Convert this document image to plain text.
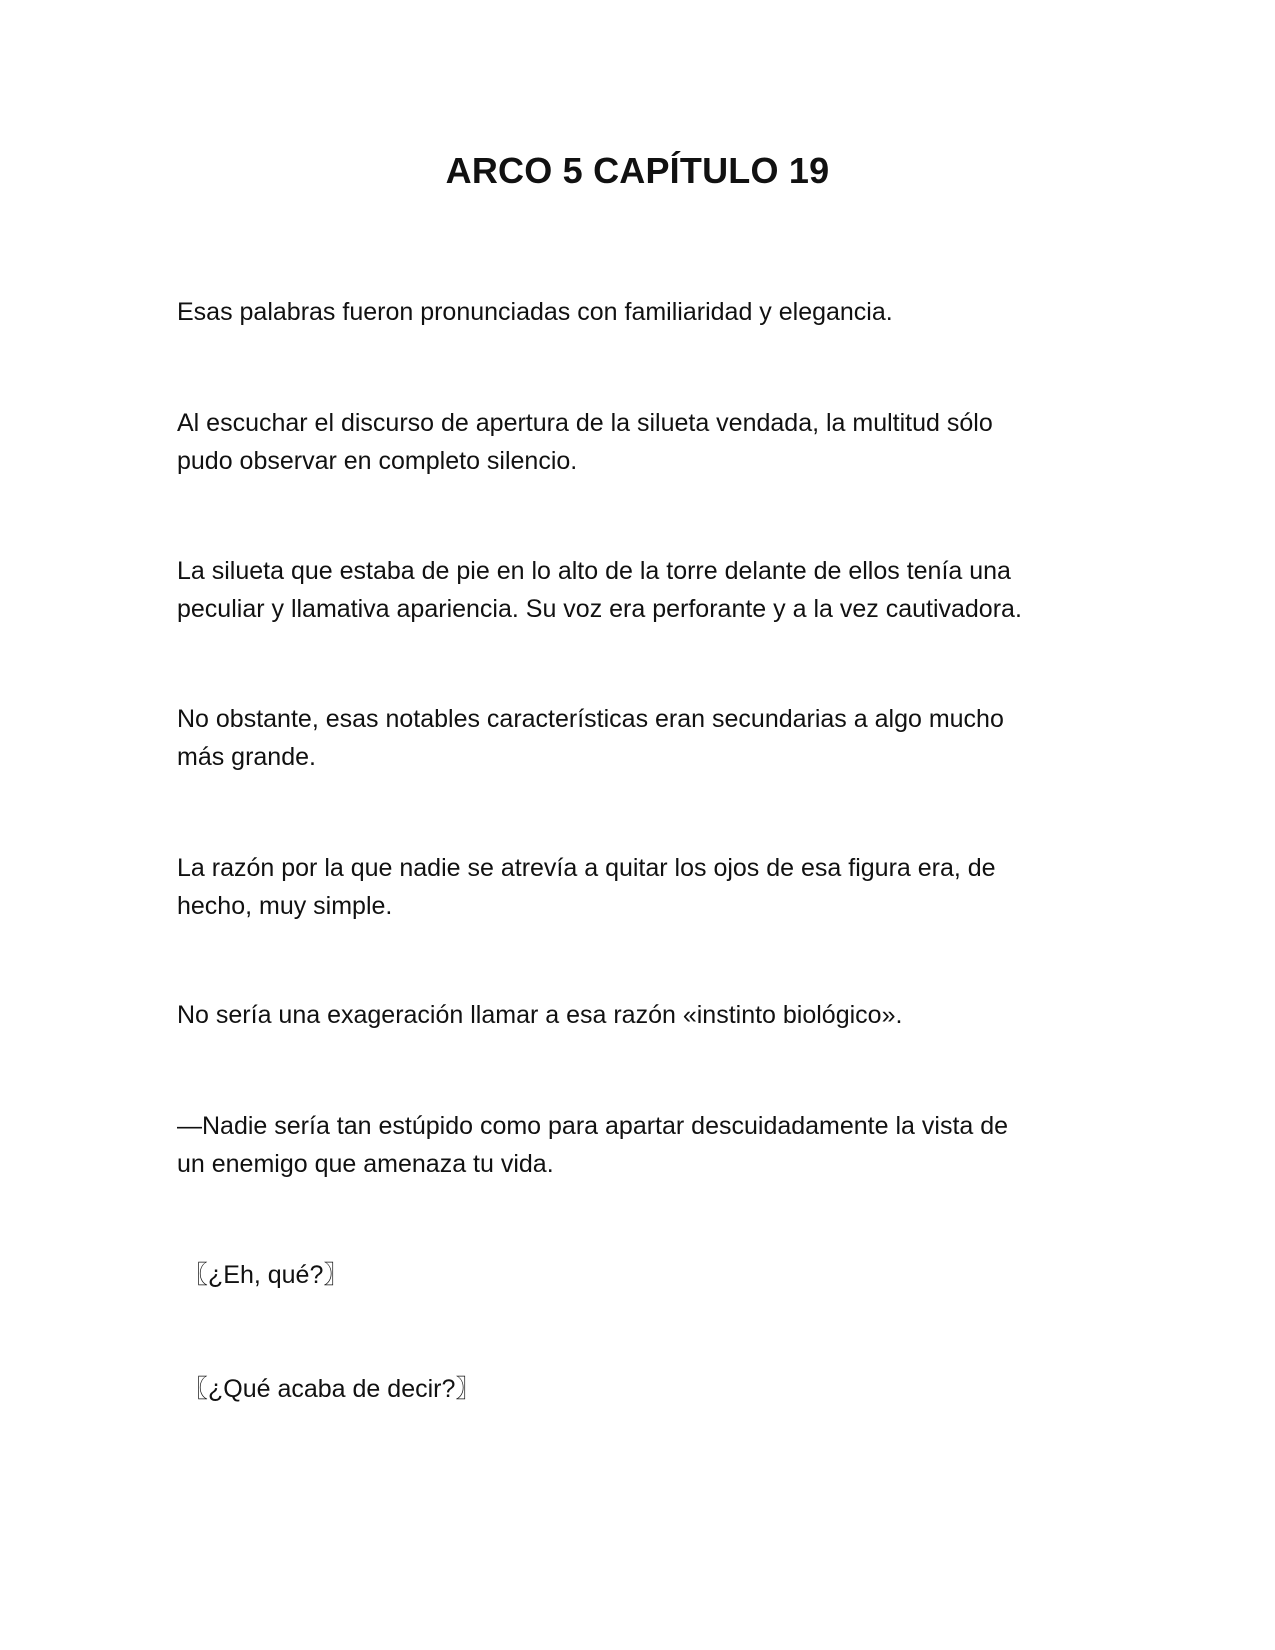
ARCO 5 CAPÍTULO 19
Esas palabras fueron pronunciadas con familiaridad y elegancia.
Al escuchar el discurso de apertura de la silueta vendada, la multitud sólo
pudo observar en completo silencio.
La silueta que estaba de pie en lo alto de la torre delante de ellos tenía una
peculiar y llamativa apariencia. Su voz era perforante y a la vez cautivadora.
No obstante, esas notables características eran secundarias a algo mucho
más grande.
La razón por la que nadie se atrevía a quitar los ojos de esa figura era, de
hecho, muy simple.
No sería una exageración llamar a esa razón «instinto biológico».
—Nadie sería tan estúpido como para apartar descuidadamente la vista de
un enemigo que amenaza tu vida.
〖¿Eh, qué?〗
〖¿Qué acaba de decir?〗
